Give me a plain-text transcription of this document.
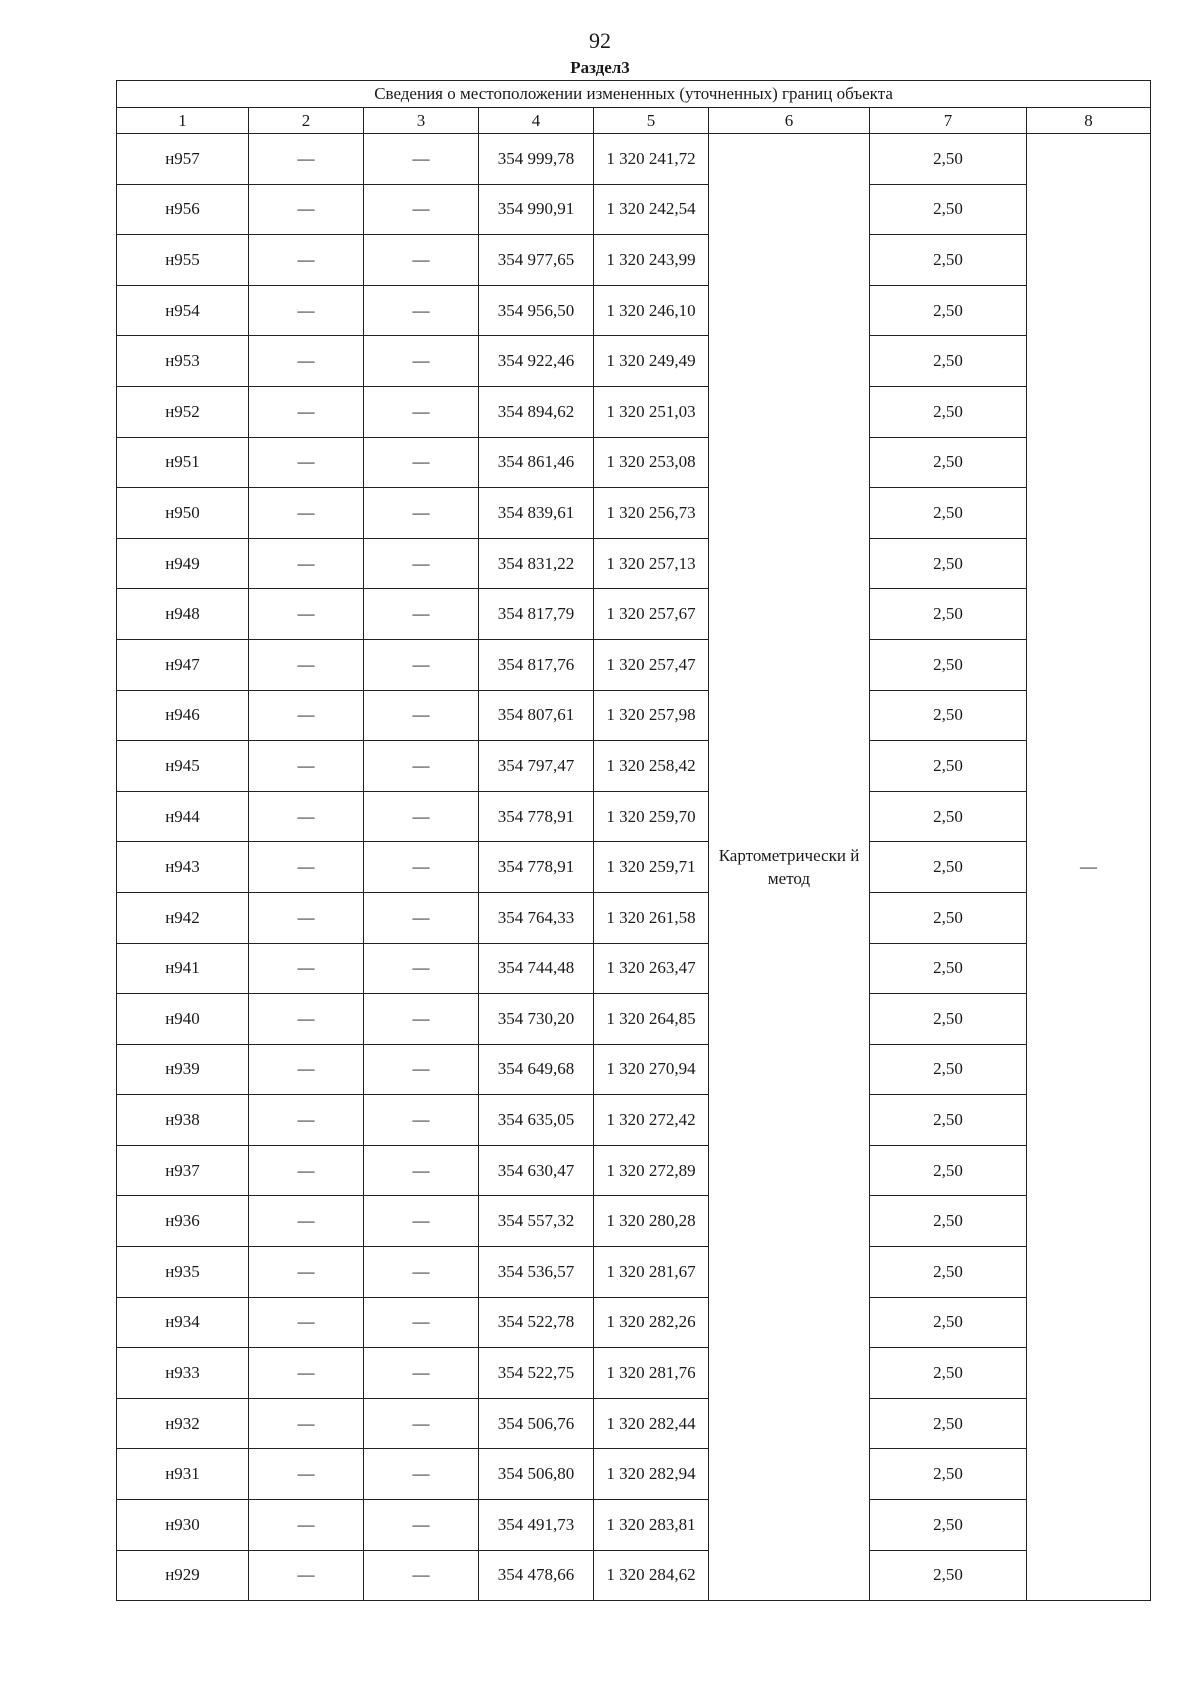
92
Раздел3
Сведения о местоположении измененных (уточненных) границ объекта							
1	2	3	4	5	6	7	8
н957	—	—	354 999,78	1 320 241,72	Картометрически й метод	2,50	—
н956	—	—	354 990,91	1 320 242,54		2,50	
н955	—	—	354 977,65	1 320 243,99		2,50	
н954	—	—	354 956,50	1 320 246,10		2,50	
н953	—	—	354 922,46	1 320 249,49		2,50	
н952	—	—	354 894,62	1 320 251,03		2,50	
н951	—	—	354 861,46	1 320 253,08		2,50	
н950	—	—	354 839,61	1 320 256,73		2,50	
н949	—	—	354 831,22	1 320 257,13		2,50	
н948	—	—	354 817,79	1 320 257,67		2,50	
н947	—	—	354 817,76	1 320 257,47		2,50	
н946	—	—	354 807,61	1 320 257,98		2,50	
н945	—	—	354 797,47	1 320 258,42		2,50	
н944	—	—	354 778,91	1 320 259,70		2,50	
н943	—	—	354 778,91	1 320 259,71		2,50	
н942	—	—	354 764,33	1 320 261,58		2,50	
н941	—	—	354 744,48	1 320 263,47		2,50	
н940	—	—	354 730,20	1 320 264,85		2,50	
н939	—	—	354 649,68	1 320 270,94		2,50	
н938	—	—	354 635,05	1 320 272,42		2,50	
н937	—	—	354 630,47	1 320 272,89		2,50	
н936	—	—	354 557,32	1 320 280,28		2,50	
н935	—	—	354 536,57	1 320 281,67		2,50	
н934	—	—	354 522,78	1 320 282,26		2,50	
н933	—	—	354 522,75	1 320 281,76		2,50	
н932	—	—	354 506,76	1 320 282,44		2,50	
н931	—	—	354 506,80	1 320 282,94		2,50	
н930	—	—	354 491,73	1 320 283,81		2,50	
н929	—	—	354 478,66	1 320 284,62		2,50	
